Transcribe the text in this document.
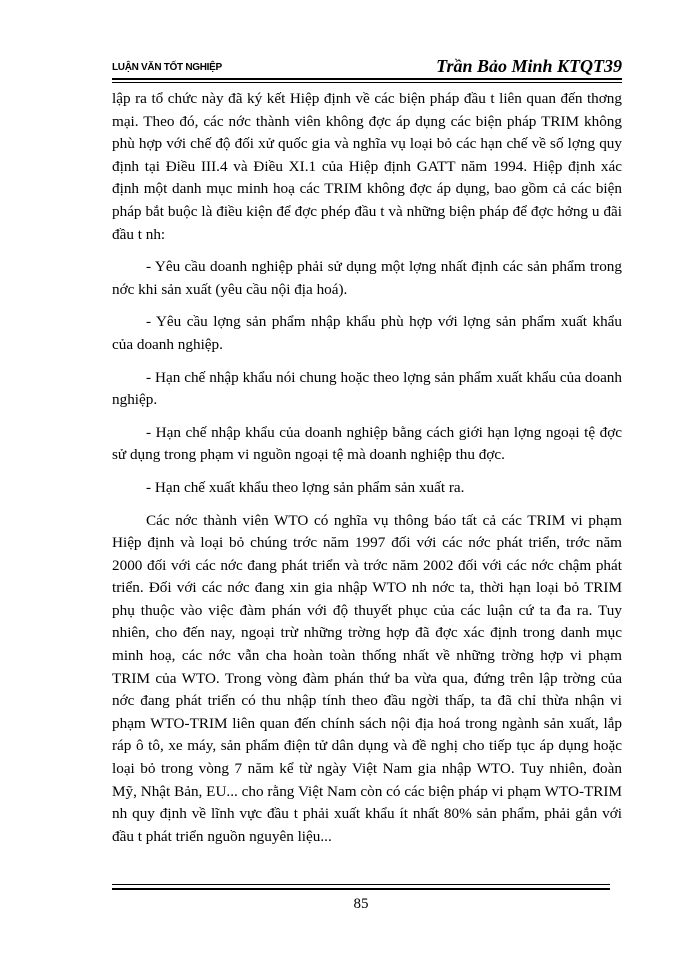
LUẬN VĂN TỐT NGHIỆP	Trần Bảo Minh KTQT39

lập ra tổ chức này đã ký kết Hiệp định về các biện pháp đầu t liên quan đến thơng mại. Theo đó, các nớc thành viên không đợc áp dụng các biện pháp TRIM không phù hợp với chế độ đối xử quốc gia và nghĩa vụ loại bỏ các hạn chế về số lợng quy định tại Điều III.4 và Điều XI.1 của Hiệp định GATT năm 1994. Hiệp định xác định một danh mục minh hoạ các TRIM không đợc áp dụng, bao gồm cả các biện pháp bắt buộc là điều kiện để đợc phép đầu t và những biện pháp để đợc hởng u đãi đầu t nh:

- Yêu cầu doanh nghiệp phải sử dụng một lợng nhất định các sản phẩm trong nớc khi sản xuất (yêu cầu nội địa hoá).

- Yêu cầu lợng sản phẩm nhập khẩu phù hợp với lợng sản phẩm xuất khẩu của doanh nghiệp.

- Hạn chế nhập khẩu nói chung hoặc theo lợng sản phẩm xuất khẩu của doanh nghiệp.

- Hạn chế nhập khẩu của doanh nghiệp bằng cách giới hạn lợng ngoại tệ đợc sử dụng trong phạm vi nguồn ngoại tệ mà doanh nghiệp thu đợc.

- Hạn chế xuất khẩu theo lợng sản phẩm sản xuất ra.

Các nớc thành viên WTO có nghĩa vụ thông báo tất cả các TRIM vi phạm Hiệp định và loại bỏ chúng trớc năm 1997 đối với các nớc phát triển, trớc năm 2000 đối với các nớc đang phát triển và trớc năm 2002 đối với các nớc chậm phát triển. Đối với các nớc đang xin gia nhập WTO nh nớc ta, thời hạn loại bỏ TRIM phụ thuộc vào việc đàm phán với độ thuyết phục của các luận cứ ta đa ra. Tuy nhiên, cho đến nay, ngoại trừ những trờng hợp đã đợc xác định trong danh mục minh hoạ, các nớc vẫn cha hoàn toàn thống nhất về những trờng hợp vi phạm TRIM của WTO. Trong vòng đàm phán thứ ba vừa qua, đứng trên lập trờng của nớc đang phát triển có thu nhập tính theo đầu ngời thấp, ta đã chỉ thừa nhận vi phạm WTO-TRIM liên quan đến chính sách nội địa hoá trong ngành sản xuất, lắp ráp ô tô, xe máy, sản phẩm điện tử dân dụng và đề nghị cho tiếp tục áp dụng hoặc loại bỏ trong vòng 7 năm kể từ ngày Việt Nam gia nhập WTO. Tuy nhiên, đoàn Mỹ, Nhật Bản, EU... cho rằng Việt Nam còn có các biện pháp vi phạm WTO-TRIM nh quy định về lĩnh vực đầu t phải xuất khẩu ít nhất 80% sản phẩm, phải gắn với đầu t phát triển nguồn nguyên liệu...

85
